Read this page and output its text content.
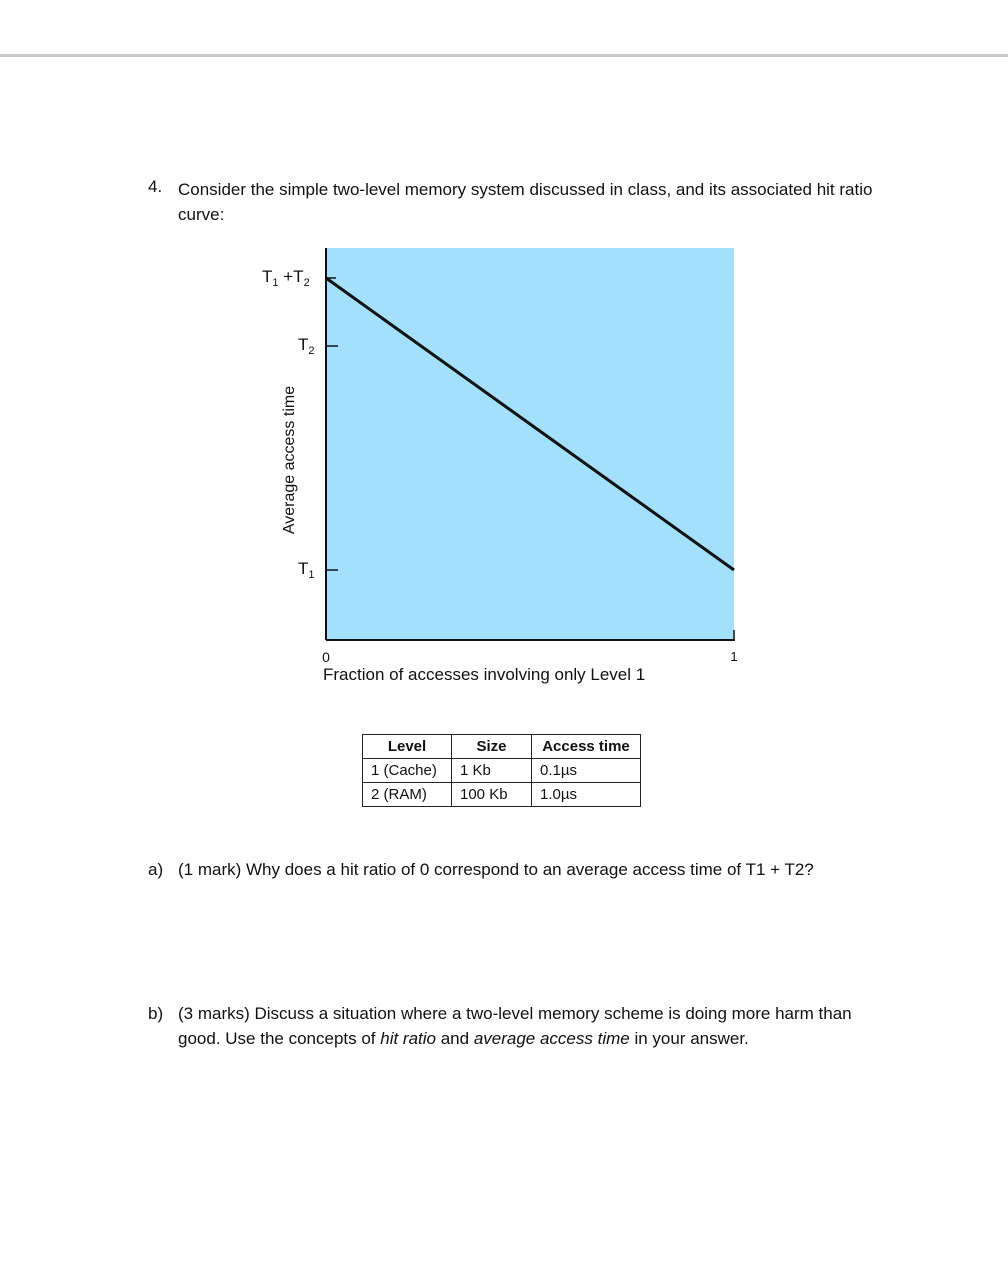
4. Consider the simple two-level memory system discussed in class, and its associated hit ratio curve:
$T_1 +T_2$
$T_2$
$T_1$
Average access time
0	1
Fraction of accesses involving only Level 1
Level	Size	Access time
1 (Cache)	1 Kb	0.1µs
2 (RAM)	100 Kb	1.0µs
a) (1 mark) Why does a hit ratio of 0 correspond to an average access time of T1 + T2?
b) (3 marks) Discuss a situation where a two-level memory scheme is doing more harm than good. Use the concepts of hit ratio and average access time in your answer.
